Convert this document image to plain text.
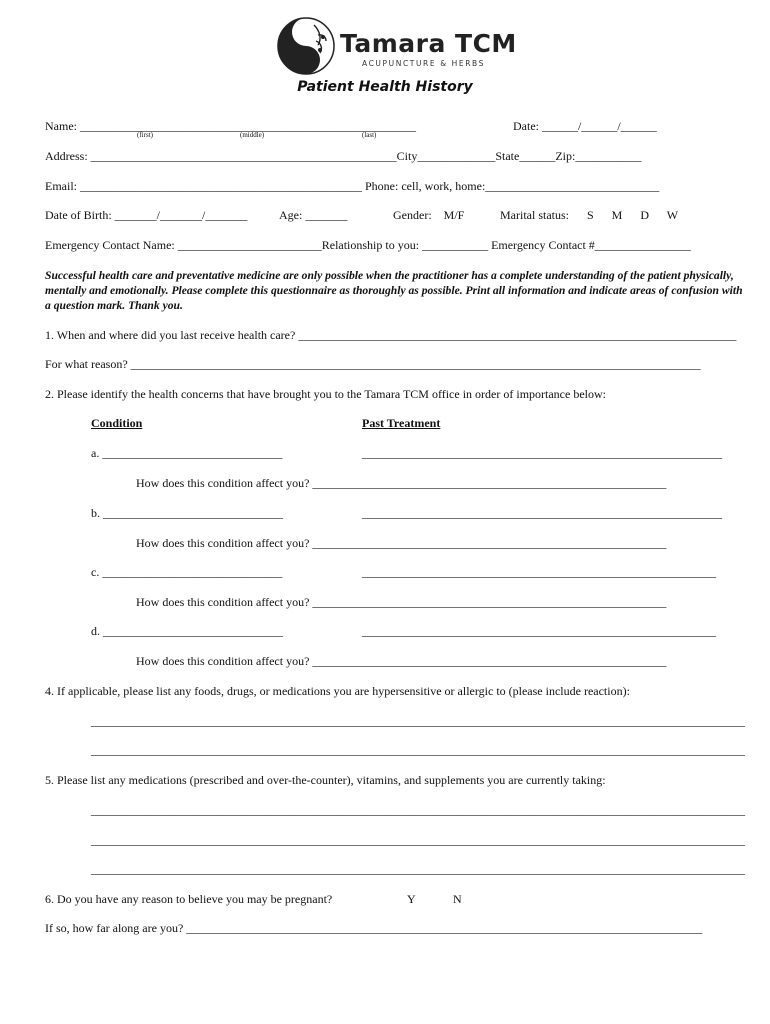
Tamara TCM
ACUPUNCTURE & HERBS
Patient Health History
Name: ________________________________________________________
(first)	(middle)	(last)
Date: ______/______/______
Address: ___________________________________________________City_____________State______Zip:___________
Email: _______________________________________________ Phone: cell, work, home:_____________________________
Date of Birth: _______/_______/_______	Age: _______	Gender:    M/F	Marital status:      S      M      D      W
Emergency Contact Name: ________________________Relationship to you: ___________ Emergency Contact #________________
Successful health care and preventative medicine are only possible when the practitioner has a complete understanding of the patient physically, mentally and emotionally. Please complete this questionnaire as thoroughly as possible. Print all information and indicate areas of confusion with a question mark. Thank you.
1. When and where did you last receive health care? _________________________________________________________________________
For what reason? _______________________________________________________________________________________________
2. Please identify the health concerns that have brought you to the Tamara TCM office in order of importance below:
Condition	Past Treatment
a. ______________________________	____________________________________________________________
How does this condition affect you? ___________________________________________________________
b. ______________________________	____________________________________________________________
How does this condition affect you? ___________________________________________________________
c. ______________________________	___________________________________________________________
How does this condition affect you? ___________________________________________________________
d. ______________________________	___________________________________________________________
How does this condition affect you? ___________________________________________________________
4. If applicable, please list any foods, drugs, or medications you are hypersensitive or allergic to (please include reaction):
_____________________________________________________________________________________________________________
_____________________________________________________________________________________________________________
5. Please list any medications (prescribed and over-the-counter), vitamins, and supplements you are currently taking:
_____________________________________________________________________________________________________________
_____________________________________________________________________________________________________________
_____________________________________________________________________________________________________________
6. Do you have any reason to believe you may be pregnant?	Y	N
If so, how far along are you? ______________________________________________________________________________________
